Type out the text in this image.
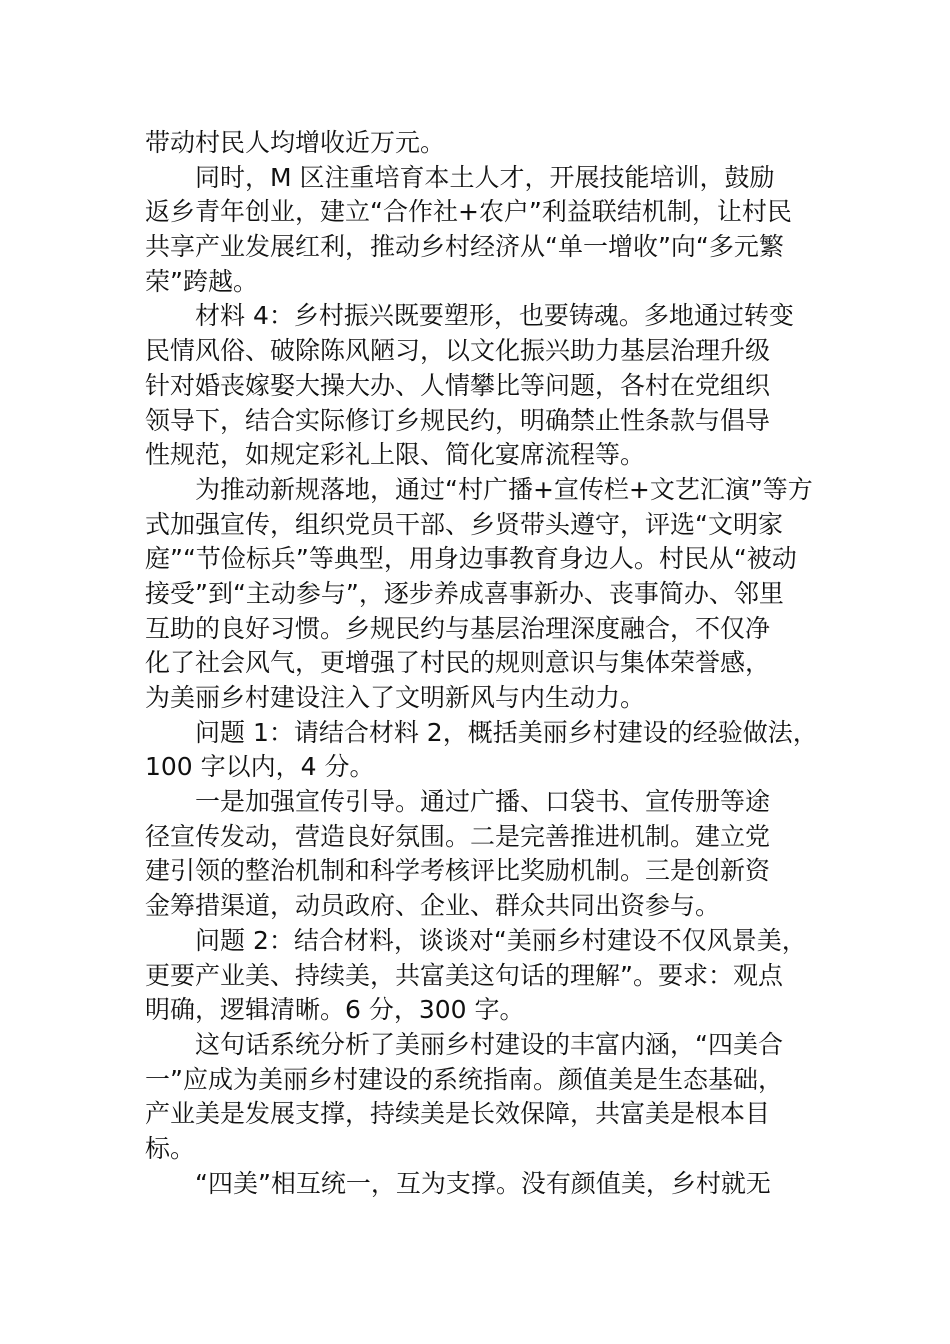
带动村民人均增收近万元。
同时，M 区注重培育本土人才，开展技能培训，鼓励
返乡青年创业，建立“合作社+农户”利益联结机制，让村民
共享产业发展红利，推动乡村经济从“单一增收”向“多元繁
荣”跨越。
材料 4：乡村振兴既要塑形，也要铸魂。多地通过转变
民情风俗、破除陈风陋习，以文化振兴助力基层治理升级
针对婚丧嫁娶大操大办、人情攀比等问题，各村在党组织
领导下，结合实际修订乡规民约，明确禁止性条款与倡导
性规范，如规定彩礼上限、简化宴席流程等。
为推动新规落地，通过“村广播+宣传栏+文艺汇演”等方
式加强宣传，组织党员干部、乡贤带头遵守，评选“文明家
庭”“节俭标兵”等典型，用身边事教育身边人。村民从“被动
接受”到“主动参与”，逐步养成喜事新办、丧事简办、邻里
互助的良好习惯。乡规民约与基层治理深度融合，不仅净
化了社会风气，更增强了村民的规则意识与集体荣誉感，
为美丽乡村建设注入了文明新风与内生动力。
问题 1：请结合材料 2，概括美丽乡村建设的经验做法，
100 字以内，4 分。
一是加强宣传引导。通过广播、口袋书、宣传册等途
径宣传发动，营造良好氛围。二是完善推进机制。建立党
建引领的整治机制和科学考核评比奖励机制。三是创新资
金筹措渠道，动员政府、企业、群众共同出资参与。
问题 2：结合材料，谈谈对“美丽乡村建设不仅风景美，
更要产业美、持续美，共富美这句话的理解”。要求：观点
明确，逻辑清晰。6 分，300 字。
这句话系统分析了美丽乡村建设的丰富内涵，“四美合
一”应成为美丽乡村建设的系统指南。颜值美是生态基础，
产业美是发展支撑，持续美是长效保障，共富美是根本目
标。
“四美”相互统一，互为支撑。没有颜值美，乡村就无
